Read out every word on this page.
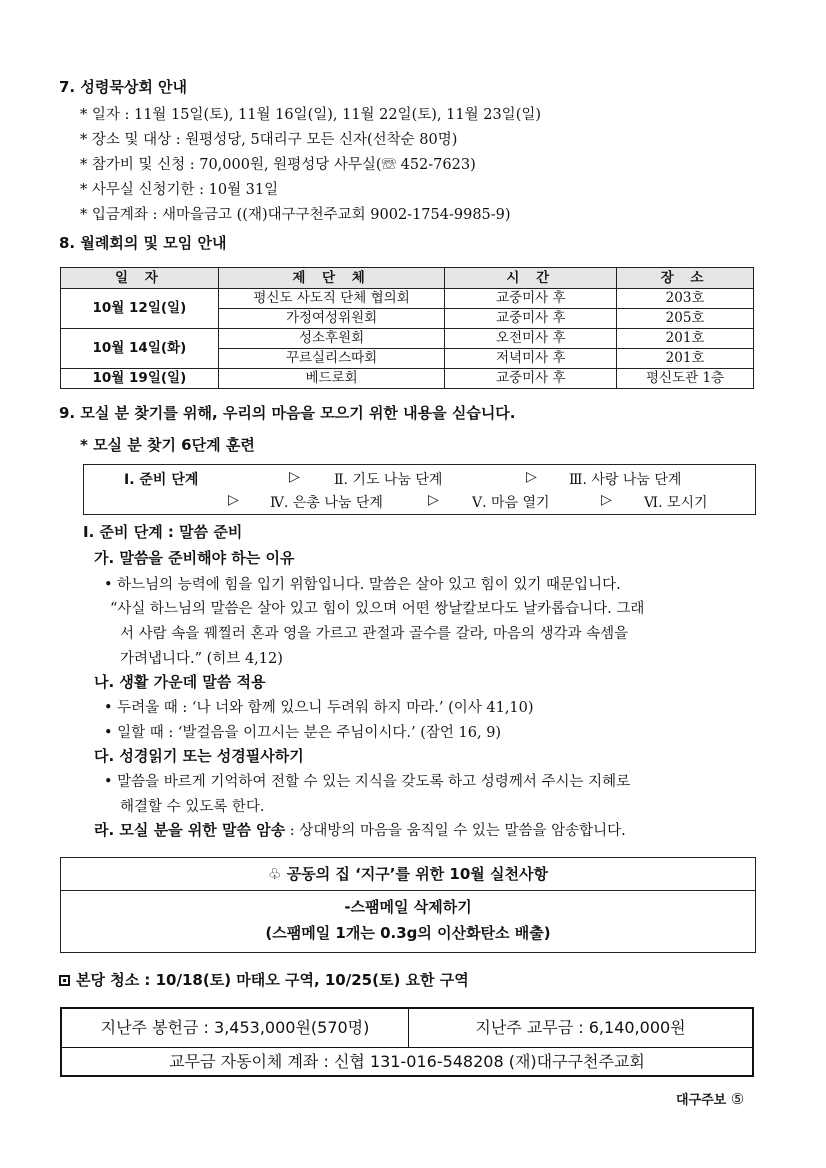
7. 성령묵상회 안내
* 일자 : 11월 15일(토), 11월 16일(일), 11월 22일(토), 11월 23일(일)
* 장소 및 대상 : 원평성당, 5대리구 모든 신자(선착순 80명)
* 참가비 및 신청 : 70,000원, 원평성당 사무실(☏ 452-7623)
* 사무실 신청기한 : 10월 31일
* 입금계좌 : 새마을금고 ((재)대구구천주교회 9002-1754-9985-9)
8. 월례회의 및 모임 안내
일 자	제 단 체	시 간	장 소
10월 12일(일)	평신도 사도직 단체 협의회	교중미사 후	203호
	가정여성위원회	교중미사 후	205호
10월 14일(화)	성소후원회	오전미사 후	201호
	꾸르실리스따회	저녁미사 후	201호
10월 19일(일)	베드로회	교중미사 후	평신도관 1층
9. 모실 분 찾기를 위해, 우리의 마음을 모으기 위한 내용을 싣습니다.
* 모실 분 찾기 6단계 훈련
Ⅰ. 준비 단계	▷ Ⅱ. 기도 나눔 단계	▷ Ⅲ. 사랑 나눔 단계
▷ Ⅳ. 은총 나눔 단계	▷ Ⅴ. 마음 열기	▷ Ⅵ. 모시기
Ⅰ. 준비 단계 : 말씀 준비
가. 말씀을 준비해야 하는 이유
• 하느님의 능력에 힘을 입기 위함입니다. 말씀은 살아 있고 힘이 있기 때문입니다.
“사실 하느님의 말씀은 살아 있고 힘이 있으며 어떤 쌍날칼보다도 날카롭습니다. 그래
서 사람 속을 꿰찔러 혼과 영을 가르고 관절과 골수를 갈라, 마음의 생각과 속셈을
가려냅니다.” (히브 4,12)
나. 생활 가운데 말씀 적용
• 두려울 때 : ‘나 너와 함께 있으니 두려워 하지 마라.’ (이사 41,10)
• 일할 때 : ‘발걸음을 이끄시는 분은 주님이시다.’ (잠언 16, 9)
다. 성경읽기 또는 성경필사하기
• 말씀을 바르게 기억하여 전할 수 있는 지식을 갖도록 하고 성령께서 주시는 지혜로
해결할 수 있도록 한다.
라. 모실 분을 위한 말씀 암송 : 상대방의 마음을 움직일 수 있는 말씀을 암송합니다.
♧ 공동의 집 ‘지구’를 위한 10월 실천사항
-스팸메일 삭제하기
(스팸메일 1개는 0.3g의 이산화탄소 배출)
본당 청소 : 10/18(토) 마태오 구역, 10/25(토) 요한 구역
지난주 봉헌금 : 3,453,000원(570명)	지난주 교무금 : 6,140,000원
교무금 자동이체 계좌 : 신협 131-016-548208 (재)대구구천주교회
대구주보 ⑤
